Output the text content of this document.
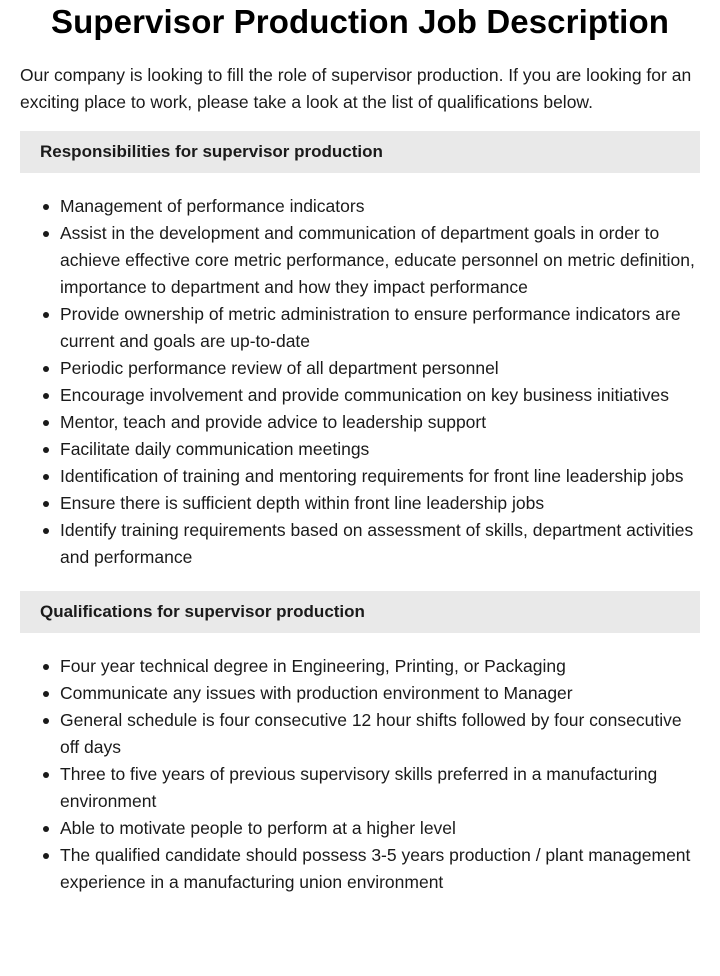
Supervisor Production Job Description

Our company is looking to fill the role of supervisor production. If you are looking for an exciting place to work, please take a look at the list of qualifications below.

Responsibilities for supervisor production
Management of performance indicators
Assist in the development and communication of department goals in order to achieve effective core metric performance, educate personnel on metric definition, importance to department and how they impact performance
Provide ownership of metric administration to ensure performance indicators are current and goals are up-to-date
Periodic performance review of all department personnel
Encourage involvement and provide communication on key business initiatives
Mentor, teach and provide advice to leadership support
Facilitate daily communication meetings
Identification of training and mentoring requirements for front line leadership jobs
Ensure there is sufficient depth within front line leadership jobs
Identify training requirements based on assessment of skills, department activities and performance
Qualifications for supervisor production
Four year technical degree in Engineering, Printing, or Packaging
Communicate any issues with production environment to Manager
General schedule is four consecutive 12 hour shifts followed by four consecutive off days
Three to five years of previous supervisory skills preferred in a manufacturing environment
Able to motivate people to perform at a higher level
The qualified candidate should possess 3-5 years production / plant management experience in a manufacturing union environment
